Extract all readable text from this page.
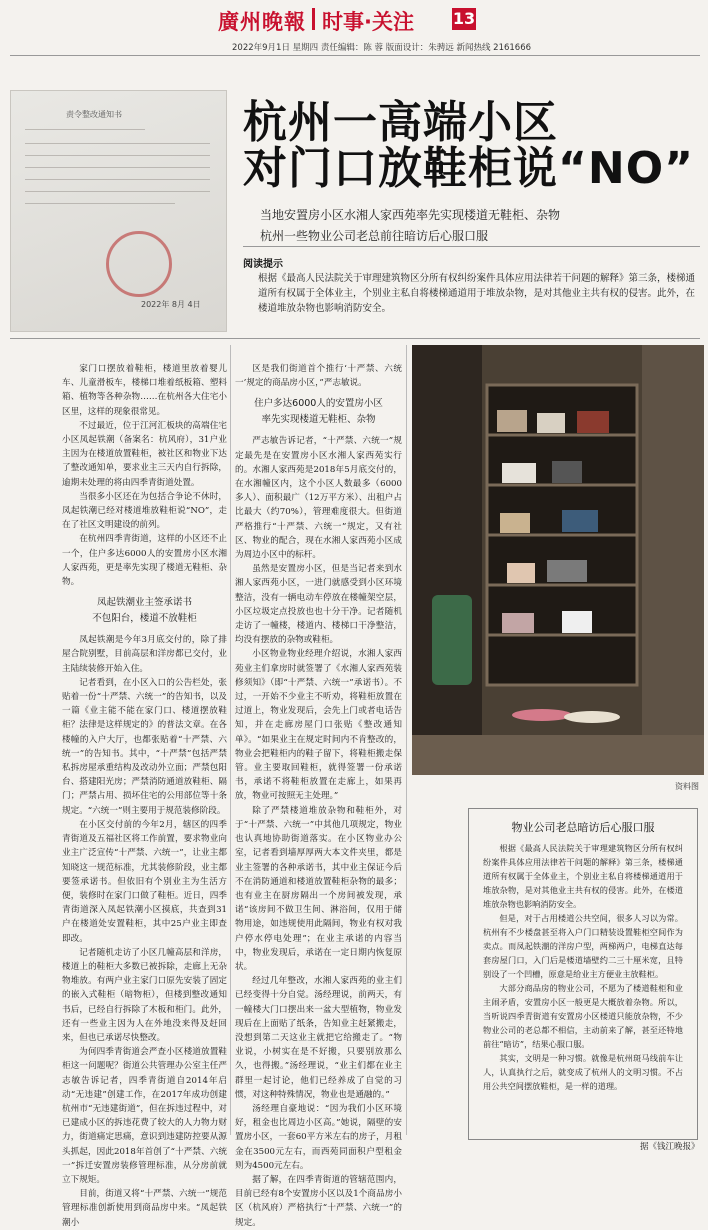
廣州晚報 时事·关注 13
2022年9月1日 星期四 责任编辑：陈 蓉 版面设计：朱骋远 新闻热线 2161666
责令整改通知书
2022年 8月 4日
杭州一高端小区
对门口放鞋柜说“NO”
当地安置房小区水湘人家西苑率先实现楼道无鞋柜、杂物
杭州一些物业公司老总前往暗访后心服口服
阅读提示
根据《最高人民法院关于审理建筑物区分所有权纠纷案件具体应用法律若干问题的解释》第三条，楼梯通道所有权属于全体业主，个别业主私自将楼梯通道用于堆放杂物，是对其他业主共有权的侵害。此外，在楼道堆放杂物也影响消防安全。

家门口摆放着鞋柜，楼道里放着婴儿车、儿童滑板车，楼梯口堆着纸板箱、塑料箱、植物等各种杂物……在杭州各大住宅小区里，这样的现象很常见。

不过最近，位于江河汇板块的高端住宅小区凤起铁潮（备案名：杭风府），31户业主因为在楼道放置鞋柜，被社区和物业下达了整改通知单，要求业主三天内自行拆除，逾期未处理的将由四季青街道处置。

当很多小区还在为包括合争论不休时，凤起铁潮已经对楼道堆放鞋柜说“NO”，走在了社区文明建设的前列。

在杭州四季青街道，这样的小区还不止一个，住户多达6000人的安置房小区水湘人家西苑，更是率先实现了楼道无鞋柜、杂物。

凤起铁潮业主签承诺书
不包阳台，楼道不放鞋柜

凤起铁潮是今年3月底交付的，除了排屋合院别墅，目前高层和洋房都已交付，业主陆续装修开始入住。

记者看到，在小区入口的公告栏处，张贴着一份“十严禁、六统一”的告知书，以及一篇《业主能不能在家门口、楼道摆放鞋柜？法律是这样规定的》的普法文章。在各楼幢的入户大厅，也都张贴着“十严禁、六统一”的告知书。其中，“十严禁”包括严禁私拆房屋承重结构及改动外立面；严禁包阳台、搭建阳光房；严禁消防通道放鞋柜、隔门；严禁占用、损坏住宅的公用部位等十条规定。“六统一”则主要用于规范装修阶段。

在小区交付前的今年2月，辖区的四季青街道及五福社区将工作前置，要求物业向业主广泛宣传“十严禁、六统一”，让业主都知晓这一规范标准，尤其装修阶段，业主都要签承诺书。但依旧有个别业主为生活方便，装修时在家门口做了鞋柜。近日，四季青街道深入凤起铁潮小区摸底，共查到31户在楼道处安置鞋柜，其中25户业主即查即改。

记者随机走访了小区几幢高层和洋房，楼道上的鞋柜大多数已被拆除，走廊上无杂物堆放。有两户业主家门口原先安装了固定的嵌入式鞋柜（暗物柜），但楼到整改通知书后，已经自行拆除了木板和柜门。此外，还有一些业主因为人在外地没来得及赶回来，但也已承诺尽快整改。

为何四季青街道会严查小区楼道放置鞋柜这一问题呢？街道公共管理办公室主任严志敏告诉记者，四季青街道自2014年启动“无违建”创建工作，在2017年成功创建杭州市“无违建街道”，但在拆违过程中，对已建成小区的拆违花费了较大的人力物力财力，街道痛定思痛，意识到违建防控要从源头抓起，因此2018年首创了“十严禁、六统一”拆迁安置房装修管理标准，从分房前就立下规矩。

目前，街道又将“十严禁、六统一”规范管理标准创新使用到商品房中来。“凤起铁潮小

区是我们街道首个推行‘十严禁、六统一’规定的商品房小区，”严志敏说。

住户多达6000人的安置房小区
率先实现楼道无鞋柜、杂物

严志敏告诉记者，“十严禁、六统一”规定最先是在安置房小区水湘人家西苑实行的。水湘人家西苑是2018年5月底交付的，在水湘幢区内，这个小区人数最多（6000多人）、面积最广（12万平方米）、出租户占比最大（约70%），管理难度很大。但街道严格推行“十严禁、六统一”规定，又有社区、物业的配合，现在水湘人家西苑小区成为周边小区中的标杆。

虽然是安置房小区，但是当记者来到水湘人家西苑小区，一进门就感受到小区环境整洁，没有一辆电动车停放在楼幢架空层，小区垃圾定点投放也也十分干净。记者随机走访了一幢楼，楼道内、楼梯口干净整洁，均没有摆放的杂物或鞋柜。

小区物业物业经理介绍说，水湘人家西苑业主们拿房时就签署了《水湘人家西苑装修须知》（即“十严禁、六统一”承诺书）。不过，一开始不少业主不听劝，将鞋柜放置在过道上，物业发现后，会先上门或者电话告知，并在走廊房屋门口张贴《整改通知单》。“如果业主在规定时间内不肯整改的，物业会把鞋柜内的鞋子留下，将鞋柜搬走保管。业主要取回鞋柜，就得签署一份承诺书，承诺不将鞋柜放置在走廊上，如果再放，物业可按照无主处理。”

除了严禁楼道堆放杂物和鞋柜外，对于“十严禁、六统一”中其他几项规定，物业也认真地协助街道落实。在小区物业办公室，记者看到墙厚厚两大本文件夹里，都是业主签署的各种承诺书，其中业主保证今后不在消防通道和楼道放置鞋柜杂物的最多；也有业主在厨房隔出一个房间被发现，承诺“该房间不做卫生间、淋浴间，仅用于储物用途，如违规使用此隔间，物业有权对我户停水停电处理”；在业主承诺的内容当中，物业发现后，承诺在一定日期内恢复原状。

经过几年整改，水湘人家西苑的业主们已经变得十分自觉。汤经理说，前两天，有一幢楼大门口摆出来一盆大型植物，物业发现后在上面贴了纸条，告知业主赶紧搬走，没想到第二天这业主就把它给搬走了。“物业说，小树实在是不好搬，只要别放那么久，也得搬。”汤经理说，“业主们都在业主群里一起讨论，他们已经养成了自觉的习惯，对这种特殊情况，物业也是通融的。”

汤经理自豪地说：“因为我们小区环境好，租金也比周边小区高。”她说，隔壁的安置房小区，一套60平方米左右的房子，月租金在3500元左右，而西苑同面积户型租金则为4500元左右。

据了解，在四季青街道的管辖范围内，目前已经有8个安置房小区以及1个商品房小区（杭风府）严格执行“十严禁、六统一”的规定。

资料图
物业公司老总暗访后心服口服

根据《最高人民法院关于审理建筑物区分所有权纠纷案件具体应用法律若干问题的解释》第三条，楼梯通道所有权属于全体业主，个别业主私自将楼梯通道用于堆放杂物，是对其他业主共有权的侵害。此外，在楼道堆放杂物也影响消防安全。

但是，对于占用楼道公共空间，很多人习以为常。杭州有不少楼盘甚至将入户门口精装设置鞋柜空间作为卖点。而凤起铁潮的洋房户型，两梯两户，电梯直达每套房屋门口，入门后是楼道墙壁约二三十厘米宽，且特别设了一个凹槽，原意是给业主方便业主放鞋柜。

大部分商品房的物业公司，不愿为了楼道鞋柜和业主闹矛盾，安置房小区一般更是大概放着杂物。所以，当听说四季青街道有安置房小区楼道只能放杂物，不少物业公司的老总都不相信，主动前来了解，甚至还特地前往“暗访”，结果心服口服。

其实，文明是一种习惯。就像是杭州斑马线前车让人，认真执行之后，就变成了杭州人的文明习惯。不占用公共空间摆放鞋柜，是一样的道理。

据《钱江晚报》
